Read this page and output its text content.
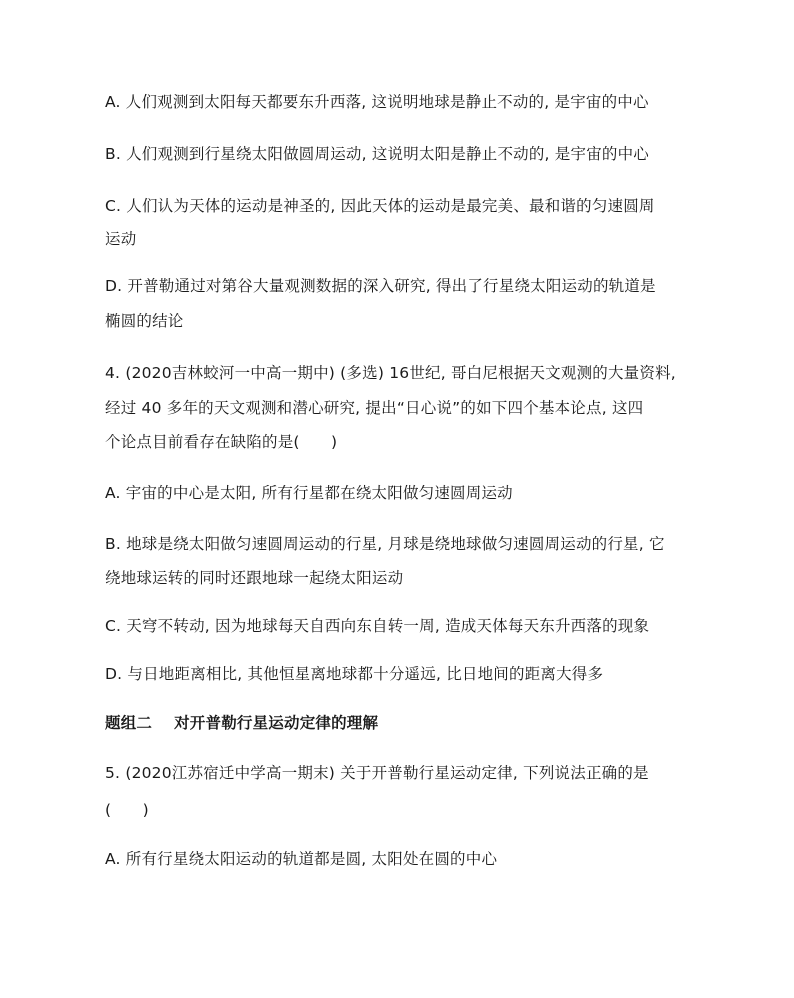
A. 人们观测到太阳每天都要东升西落, 这说明地球是静止不动的, 是宇宙的中心
B. 人们观测到行星绕太阳做圆周运动, 这说明太阳是静止不动的, 是宇宙的中心
C. 人们认为天体的运动是神圣的, 因此天体的运动是最完美、最和谐的匀速圆周
运动
D. 开普勒通过对第谷大量观测数据的深入研究, 得出了行星绕太阳运动的轨道是
椭圆的结论
4. (2020吉林蛟河一中高一期中) (多选) 16世纪, 哥白尼根据天文观测的大量资料,
经过 40 多年的天文观测和潜心研究, 提出“日心说”的如下四个基本论点, 这四
个论点目前看存在缺陷的是(　　)
A. 宇宙的中心是太阳, 所有行星都在绕太阳做匀速圆周运动
B. 地球是绕太阳做匀速圆周运动的行星, 月球是绕地球做匀速圆周运动的行星, 它
绕地球运转的同时还跟地球一起绕太阳运动
C. 天穹不转动, 因为地球每天自西向东自转一周, 造成天体每天东升西落的现象
D. 与日地距离相比, 其他恒星离地球都十分遥远, 比日地间的距离大得多
题组二 对开普勒行星运动定律的理解
5. (2020江苏宿迁中学高一期末) 关于开普勒行星运动定律, 下列说法正确的是
(　　)
A. 所有行星绕太阳运动的轨道都是圆, 太阳处在圆的中心
